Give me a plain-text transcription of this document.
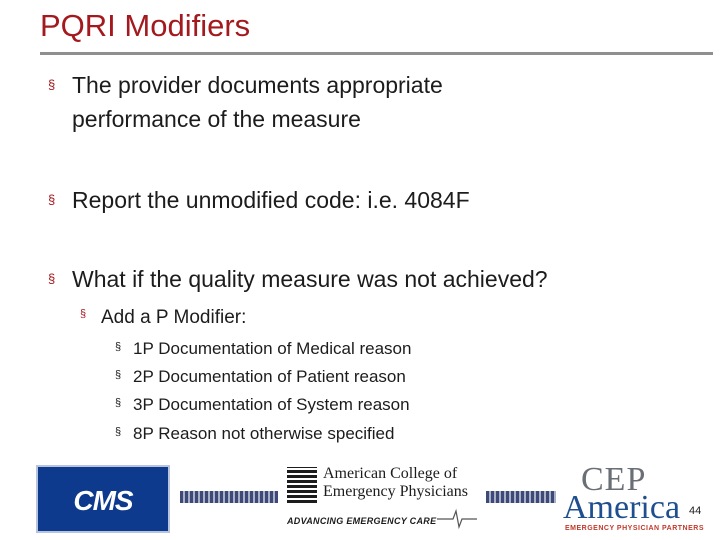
PQRI Modifiers
§ The provider documents appropriate
performance of the measure
§ Report the unmodified code: i.e. 4084F
§ What if the quality measure was not achieved?
§ Add a P Modifier:
§ 1P Documentation of Medical reason
§ 2P Documentation of Patient reason
§ 3P Documentation of System reason
§ 8P Reason not otherwise specified
CMS
American College of
Emergency Physicians
ADVANCING EMERGENCY CARE
CEP
America
EMERGENCY PHYSICIAN PARTNERS
44
